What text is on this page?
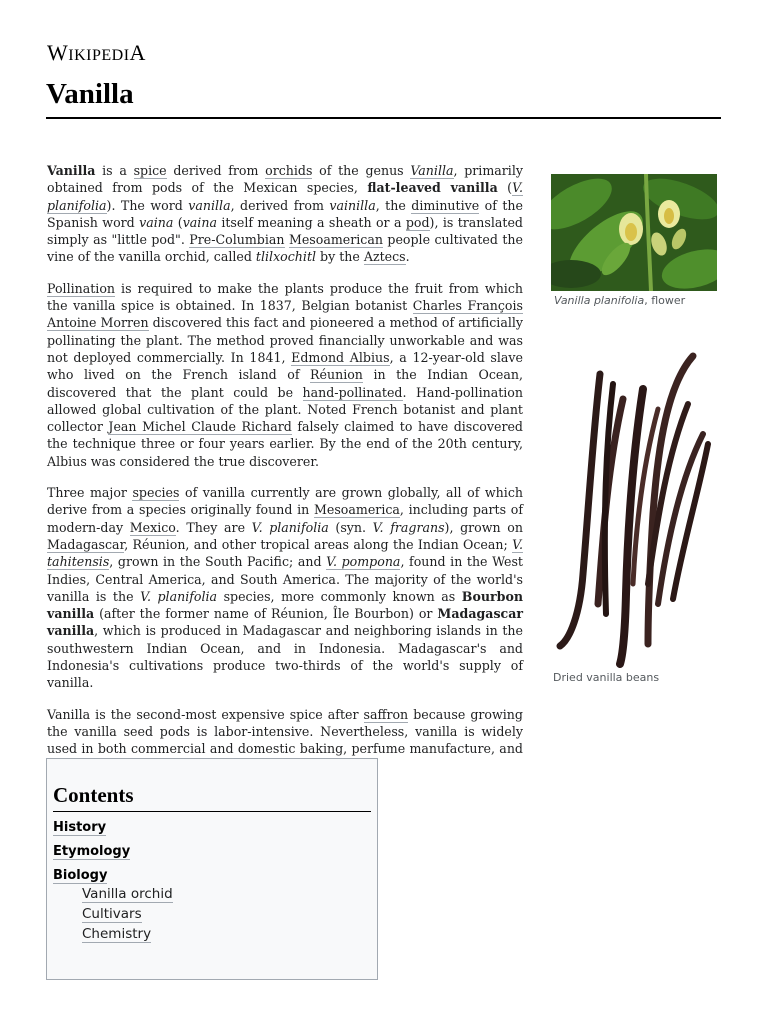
WIKIPEDIA
Vanilla

Vanilla is a spice derived from orchids of the genus Vanilla, primarily obtained from pods of the Mexican species, flat-leaved vanilla (V. planifolia). The word vanilla, derived from vainilla, the diminutive of the Spanish word vaina (vaina itself meaning a sheath or a pod), is translated simply as "little pod". Pre-Columbian Mesoamerican people cultivated the vine of the vanilla orchid, called tlilxochitl by the Aztecs.

Pollination is required to make the plants produce the fruit from which the vanilla spice is obtained. In 1837, Belgian botanist Charles François Antoine Morren discovered this fact and pioneered a method of artificially pollinating the plant. The method proved financially unworkable and was not deployed commercially. In 1841, Edmond Albius, a 12-year-old slave who lived on the French island of Réunion in the Indian Ocean, discovered that the plant could be hand-pollinated. Hand-pollination allowed global cultivation of the plant. Noted French botanist and plant collector Jean Michel Claude Richard falsely claimed to have discovered the technique three or four years earlier. By the end of the 20th century, Albius was considered the true discoverer.

Three major species of vanilla currently are grown globally, all of which derive from a species originally found in Mesoamerica, including parts of modern-day Mexico. They are V. planifolia (syn. V. fragrans), grown on Madagascar, Réunion, and other tropical areas along the Indian Ocean; V. tahitensis, grown in the South Pacific; and V. pompona, found in the West Indies, Central America, and South America. The majority of the world's vanilla is the V. planifolia species, more commonly known as Bourbon vanilla (after the former name of Réunion, Île Bourbon) or Madagascar vanilla, which is produced in Madagascar and neighboring islands in the southwestern Indian Ocean, and in Indonesia. Madagascar's and Indonesia's cultivations produce two-thirds of the world's supply of vanilla.

Vanilla is the second-most expensive spice after saffron because growing the vanilla seed pods is labor-intensive. Nevertheless, vanilla is widely used in both commercial and domestic baking, perfume manufacture, and

Vanilla planifolia, flower
Dried vanilla beans
Contents
History
Etymology
Biology
Vanilla orchid
Cultivars
Chemistry
